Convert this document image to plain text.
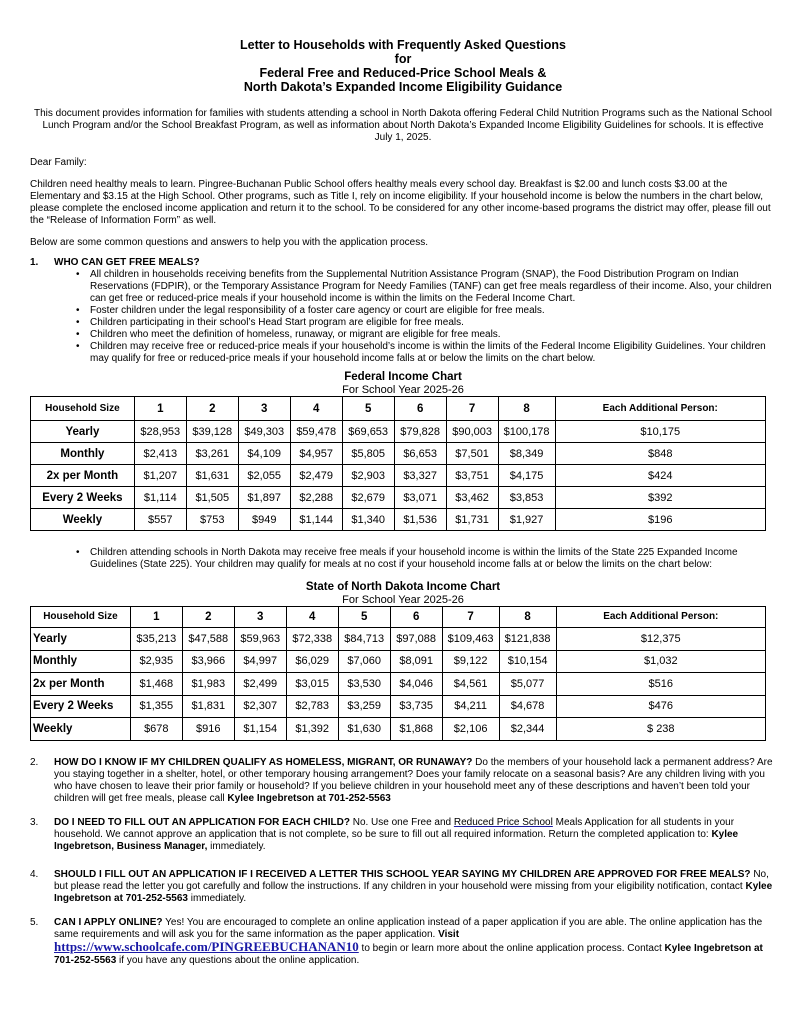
Letter to Households with Frequently Asked Questions
for
Federal Free and Reduced-Price School Meals &
North Dakota’s Expanded Income Eligibility Guidance
This document provides information for families with students attending a school in North Dakota offering Federal Child Nutrition Programs such as the National School Lunch Program and/or the School Breakfast Program, as well as information about North Dakota’s Expanded Income Eligibility Guidelines for schools. It is effective July 1, 2025.
Dear Family:

Children need healthy meals to learn. Pingree-Buchanan Public School offers healthy meals every school day. Breakfast is $2.00 and lunch costs $3.00 at the Elementary and $3.15 at the High School. Other programs, such as Title I, rely on income eligibility. If your household income is below the numbers in the chart below, please complete the enclosed income application and return it to the school. To be considered for any other income-based programs the district may offer, please fill out the “Release of Information Form” as well.

Below are some common questions and answers to help you with the application process.

1.	WHO CAN GET FREE MEALS?
• All children in households receiving benefits from the Supplemental Nutrition Assistance Program (SNAP), the Food Distribution Program on Indian Reservations (FDPIR), or the Temporary Assistance Program for Needy Families (TANF) can get free meals regardless of their income. Also, your children can get free or reduced-price meals if your household income is within the limits on the Federal Income Chart.
• Foster children under the legal responsibility of a foster care agency or court are eligible for free meals.
• Children participating in their school’s Head Start program are eligible for free meals.
• Children who meet the definition of homeless, runaway, or migrant are eligible for free meals.
• Children may receive free or reduced-price meals if your household’s income is within the limits of the Federal Income Eligibility Guidelines. Your children may qualify for free or reduced-price meals if your household income falls at or below the limits on the chart below.
Federal Income Chart
For School Year 2025-26
Household Size	1	2	3	4	5	6	7	8	Each Additional Person:
Yearly	$28,953	$39,128	$49,303	$59,478	$69,653	$79,828	$90,003	$100,178	$10,175
Monthly	$2,413	$3,261	$4,109	$4,957	$5,805	$6,653	$7,501	$8,349	$848
2x per Month	$1,207	$1,631	$2,055	$2,479	$2,903	$3,327	$3,751	$4,175	$424
Every 2 Weeks	$1,114	$1,505	$1,897	$2,288	$2,679	$3,071	$3,462	$3,853	$392
Weekly	$557	$753	$949	$1,144	$1,340	$1,536	$1,731	$1,927	$196
• Children attending schools in North Dakota may receive free meals if your household income is within the limits of the State 225 Expanded Income Guidelines (State 225). Your children may qualify for meals at no cost if your household income falls at or below the limits on the chart below:
State of North Dakota Income Chart
For School Year 2025-26
Household Size	1	2	3	4	5	6	7	8	Each Additional Person:
Yearly	$35,213	$47,588	$59,963	$72,338	$84,713	$97,088	$109,463	$121,838	$12,375
Monthly	$2,935	$3,966	$4,997	$6,029	$7,060	$8,091	$9,122	$10,154	$1,032
2x per Month	$1,468	$1,983	$2,499	$3,015	$3,530	$4,046	$4,561	$5,077	$516
Every 2 Weeks	$1,355	$1,831	$2,307	$2,783	$3,259	$3,735	$4,211	$4,678	$476
Weekly	$678	$916	$1,154	$1,392	$1,630	$1,868	$2,106	$2,344	$ 238
2.	HOW DO I KNOW IF MY CHILDREN QUALIFY AS HOMELESS, MIGRANT, OR RUNAWAY? Do the members of your household lack a permanent address? Are you staying together in a shelter, hotel, or other temporary housing arrangement? Does your family relocate on a seasonal basis? Are any children living with you who have chosen to leave their prior family or household? If you believe children in your household meet any of these descriptions and haven’t been told your children will get free meals, please call Kylee Ingebretson at 701-252-5563
3.	DO I NEED TO FILL OUT AN APPLICATION FOR EACH CHILD? No. Use one Free and Reduced Price School Meals Application for all students in your household. We cannot approve an application that is not complete, so be sure to fill out all required information. Return the completed application to: Kylee Ingebretson, Business Manager, immediately.
4.	SHOULD I FILL OUT AN APPLICATION IF I RECEIVED A LETTER THIS SCHOOL YEAR SAYING MY CHILDREN ARE APPROVED FOR FREE MEALS? No, but please read the letter you got carefully and follow the instructions. If any children in your household were missing from your eligibility notification, contact Kylee Ingebretson at 701-252-5563 immediately.
5.	CAN I APPLY ONLINE? Yes! You are encouraged to complete an online application instead of a paper application if you are able. The online application has the same requirements and will ask you for the same information as the paper application. Visit
https://www.schoolcafe.com/PINGREEBUCHANAN10 to begin or learn more about the online application process. Contact Kylee Ingebretson at 701-252-5563 if you have any questions about the online application.
